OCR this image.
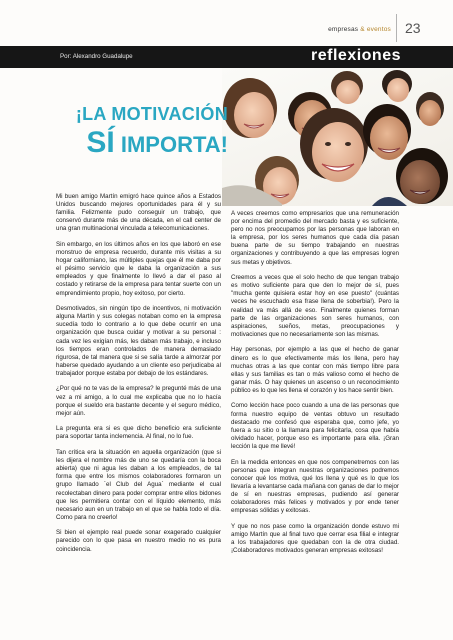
empresas & eventos 23
Por: Alexandro Guadalupe	reflexiones
¡LA MOTIVACIÓN
SÍ IMPORTA!

Mi buen amigo Martín emigró hace quince años a Estados Unidos buscando mejores oportunidades para él y su familia. Felizmente pudo conseguir un trabajo, que conservó durante más de una década, en el call center de una gran multinacional vinculada a telecomunicaciones.

Sin embargo, en los últimos años en los que laboró en ese monstruo de empresa recuerdo, durante mis visitas a su hogar californiano, las múltiples quejas que él me daba por el pésimo servicio que le daba la organización a sus empleados y que finalmente lo llevó a dar el paso al costado y retirarse de la empresa para tentar suerte con un emprendimiento propio, hoy exitoso, por cierto.

Desmotivados, sin ningún tipo de incentivos, ni motivación alguna Martín y sus colegas notaban como en la empresa sucedía todo lo contrario a lo que debe ocurrir en una organización que busca cuidar y motivar a su personal : cada vez les exigían más, les daban más trabajo, e incluso los tiempos eran controlados de manera demasiado rigurosa, de tal manera que si se salía tarde a almorzar por haberse quedado ayudando a un cliente eso perjudicaba al trabajador porque estaba por debajo de los estándares.

¿Por qué no te vas de la empresa? le pregunté más de una vez a mi amigo, a lo cual me explicaba que no lo hacía porque el sueldo era bastante decente y el seguro médico, mejor aún.

La pregunta era si es que dicho beneficio era suficiente para soportar tanta inclemencia. Al final, no lo fue.

Tan crítica era la situación en aquella organización (que si les dijera el nombre más de uno se quedaría con la boca abierta) que ni agua les daban a los empleados, de tal forma que entre los mismos colaboradores formaron un grupo llamado ´el Club del Agua´ mediante el cual recolectaban dinero para poder comprar entre ellos bidones que les permitiera contar con el líquido elemento, más necesario aun en un trabajo en el que se habla todo el día. Como para no creerlo!

Si bien el ejemplo real puede sonar exagerado cualquier parecido con lo que pasa en nuestro medio no es pura coincidencia.

A veces creemos como empresarios que una remuneración por encima del promedio del mercado basta y es suficiente, pero no nos preocupamos por las personas que laboran en la empresa, por los seres humanos que cada día pasan buena parte de su tiempo trabajando en nuestras organizaciones y contribuyendo a que las empresas logren sus metas y objetivos.

Creemos a veces que el solo hecho de que tengan trabajo es motivo suficiente para que den lo mejor de sí, pues "mucha gente quisiera estar hoy en ese puesto" (cuántas veces he escuchado esa frase llena de soberbia!). Pero la realidad va más allá de eso. Finalmente quienes forman parte de las organizaciones son seres humanos, con aspiraciones, sueños, metas, preocupaciones y motivaciones que no necesariamente son las mismas.

Hay personas, por ejemplo a las que el hecho de ganar dinero es lo que efectivamente más los llena, pero hay muchas otras a las que contar con más tiempo libre para ellas y sus familias es tan o más valioso como el hecho de ganar más. O hay quienes un ascenso o un reconocimiento público es lo que les llena el corazón y los hace sentir bien.

Como lección hace poco cuando a una de las personas que forma nuestro equipo de ventas obtuvo un resultado destacado me confesó que esperaba que, como jefe, yo fuera a su sitio o la llamara para felicitarla, cosa que había olvidado hacer, porque eso es importante para ella. ¡Gran lección la que me llevé!

En la medida entonces en que nos compenetremos con las personas que integran nuestras organizaciones podremos conocer qué los motiva, qué los llena y qué es lo que los llevaría a levantarse cada mañana con ganas de dar lo mejor de sí en nuestras empresas, pudiendo así generar colaboradores más felices y motivados y por ende tener empresas sólidas y exitosas.

Y que no nos pase como la organización donde estuvo mi amigo Martín que al final tuvo que cerrar esa filial e integrar a los trabajadores que quedaban con la de otra ciudad. ¡Colaboradores motivados generan empresas exitosas!
